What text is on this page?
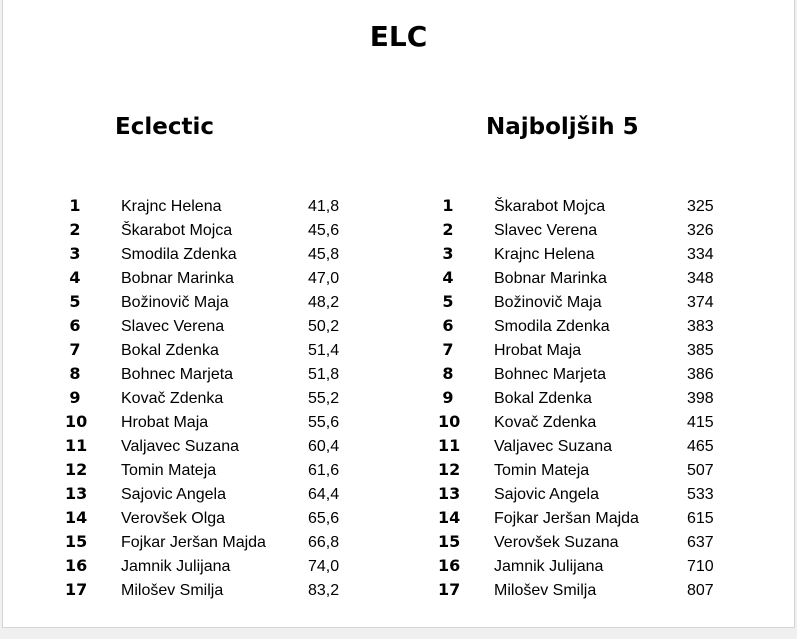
ELC
Eclectic	Najboljših 5
1	Krajnc Helena	41,8
2	Škarabot Mojca	45,6
3	Smodila Zdenka	45,8
4	Bobnar Marinka	47,0
5	Božinovič Maja	48,2
6	Slavec Verena	50,2
7	Bokal Zdenka	51,4
8	Bohnec Marjeta	51,8
9	Kovač Zdenka	55,2
10 Hrobat Maja	55,6
11 Valjavec Suzana	60,4
12 Tomin Mateja	61,6
13 Sajovic Angela	64,4
14 Verovšek Olga	65,6
15 Fojkar Jeršan Majda	66,8
16 Jamnik Julijana	74,0
17 Milošev Smilja	83,2
1	Škarabot Mojca	325
2	Slavec Verena	326
3	Krajnc Helena	334
4	Bobnar Marinka	348
5	Božinovič Maja	374
6	Smodila Zdenka	383
7	Hrobat Maja	385
8	Bohnec Marjeta	386
9	Bokal Zdenka	398
10 Kovač Zdenka	415
11 Valjavec Suzana	465
12 Tomin Mateja	507
13 Sajovic Angela	533
14 Fojkar Jeršan Majda	615
15 Verovšek Suzana	637
16 Jamnik Julijana	710
17 Milošev Smilja	807
